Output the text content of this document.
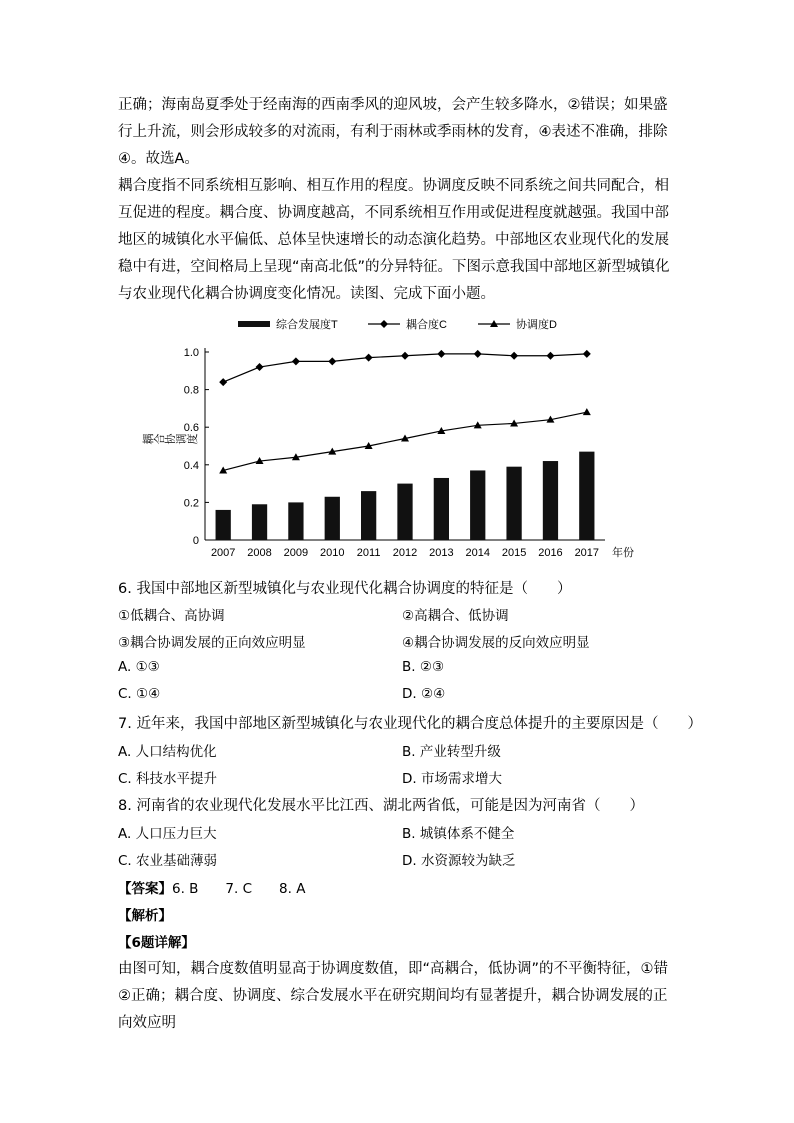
正确；海南岛夏季处于经南海的西南季风的迎风坡，会产生较多降水，②错误；如果盛行上升流，则会形成较多的对流雨，有利于雨林或季雨林的发育，④表述不准确，排除④。故选A。

耦合度指不同系统相互影响、相互作用的程度。协调度反映不同系统之间共同配合，相互促进的程度。耦合度、协调度越高，不同系统相互作用或促进程度就越强。我国中部地区的城镇化水平偏低、总体呈快速增长的动态演化趋势。中部地区农业现代化的发展稳中有进，空间格局上呈现“南高北低”的分异特征。下图示意我国中部地区新型城镇化与农业现代化耦合协调度变化情况。读图、完成下面小题。

综合发展度T	耦合度C	协调度D
0
0.2
0.4
0.6
0.8
1.0
2007 2008 2009 2010 2011 2012 2013 2014 2015 2016 2017 年份
耦合协调度
6. 我国中部地区新型城镇化与农业现代化耦合协调度的特征是（　　）
①低耦合、高协调	②高耦合、低协调
③耦合协调发展的正向效应明显	④耦合协调发展的反向效应明显
A. ①③	B. ②③
C. ①④	D. ②④
7. 近年来，我国中部地区新型城镇化与农业现代化的耦合度总体提升的主要原因是（　　）
A. 人口结构优化	B. 产业转型升级
C. 科技水平提升	D. 市场需求增大
8. 河南省的农业现代化发展水平比江西、湖北两省低，可能是因为河南省（　　）
A. 人口压力巨大	B. 城镇体系不健全
C. 农业基础薄弱	D. 水资源较为缺乏
【答案】6. B　　7. C　　8. A
【解析】
【6题详解】

由图可知，耦合度数值明显高于协调度数值，即“高耦合，低协调”的不平衡特征，①错②正确；耦合度、协调度、综合发展水平在研究期间均有显著提升，耦合协调发展的正向效应明
